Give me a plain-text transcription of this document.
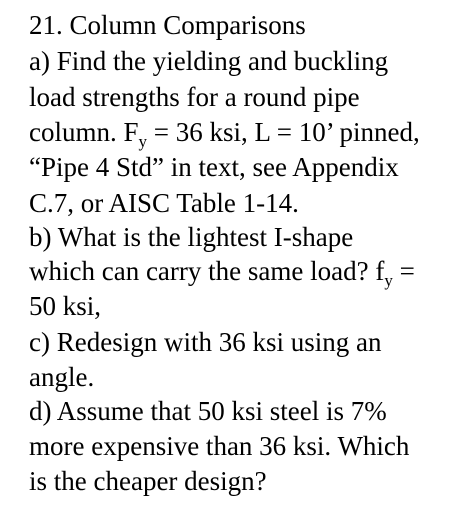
21. Column Comparisons
a) Find the yielding and buckling
load strengths for a round pipe
column. $F_y = 36$ ksi, L = 10’ pinned,
“Pipe 4 Std” in text, see Appendix
C.7, or AISC Table 1-14.
b) What is the lightest I-shape
which can carry the same load? $f_y$ =
50 ksi,
c) Redesign with 36 ksi using an
angle.
d) Assume that 50 ksi steel is 7%
more expensive than 36 ksi. Which
is the cheaper design?
